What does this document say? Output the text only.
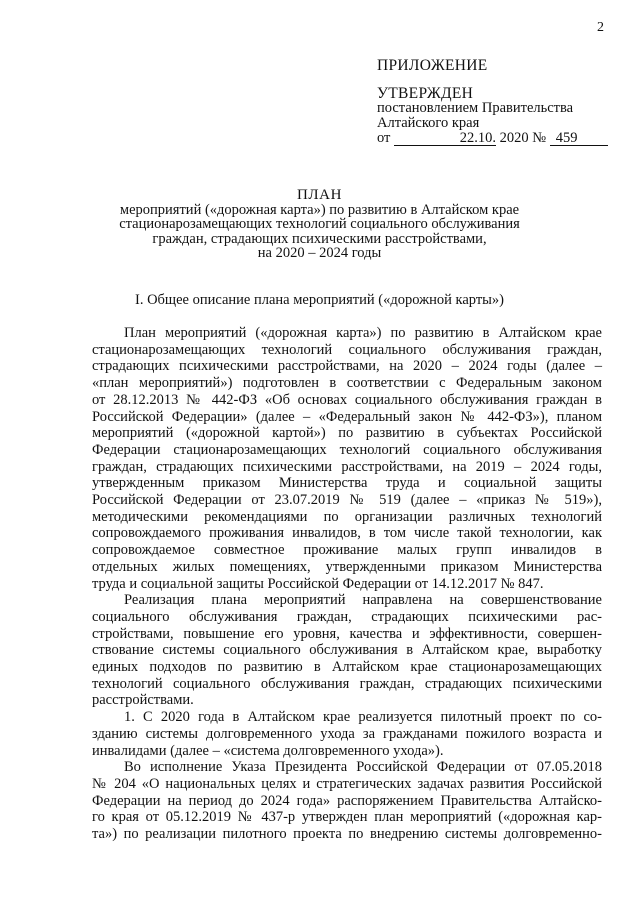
2
ПРИЛОЖЕНИЕ
УТВЕРЖДЕН
постановлением Правительства
Алтайского края
от	22.10. 2020 № 459
ПЛАН
мероприятий («дорожная карта») по развитию в Алтайском крае
стационарозамещающих технологий социального обслуживания
граждан, страдающих психическими расстройствами,
на 2020 – 2024 годы
I. Общее описание плана мероприятий («дорожной карты»)

План мероприятий («дорожная карта») по развитию в Алтайском крае
стационарозамещающих технологий социального обслуживания граждан,
страдающих психическими расстройствами, на 2020 – 2024 годы (далее –
«план мероприятий») подготовлен в соответствии с Федеральным законом
от 28.12.2013 № 442-ФЗ «Об основах социального обслуживания граждан в
Российской Федерации» (далее – «Федеральный закон № 442-ФЗ»), планом
мероприятий («дорожной картой») по развитию в субъектах Российской
Федерации стационарозамещающих технологий социального обслуживания
граждан, страдающих психическими расстройствами, на 2019 – 2024 годы,
утвержденным приказом Министерства труда и социальной защиты
Российской Федерации от 23.07.2019 № 519 (далее – «приказ № 519»),
методическими рекомендациями по организации различных технологий
сопровождаемого проживания инвалидов, в том числе такой технологии, как
сопровождаемое совместное проживание малых групп инвалидов в
отдельных жилых помещениях, утвержденными приказом Министерства
труда и социальной защиты Российской Федерации от 14.12.2017 № 847.

Реализация плана мероприятий направлена на совершенствование
социального обслуживания граждан, страдающих психическими рас-
стройствами, повышение его уровня, качества и эффективности, совершен-
ствование системы социального обслуживания в Алтайском крае, выработку
единых подходов по развитию в Алтайском крае стационарозамещающих
технологий социального обслуживания граждан, страдающих психическими
расстройствами.

1. С 2020 года в Алтайском крае реализуется пилотный проект по со-
зданию системы долговременного ухода за гражданами пожилого возраста и
инвалидами (далее – «система долговременного ухода»).

Во исполнение Указа Президента Российской Федерации от 07.05.2018
№ 204 «О национальных целях и стратегических задачах развития Российской
Федерации на период до 2024 года» распоряжением Правительства Алтайско-
го края от 05.12.2019 № 437-р утвержден план мероприятий («дорожная кар-
та») по реализации пилотного проекта по внедрению системы долговременно-
